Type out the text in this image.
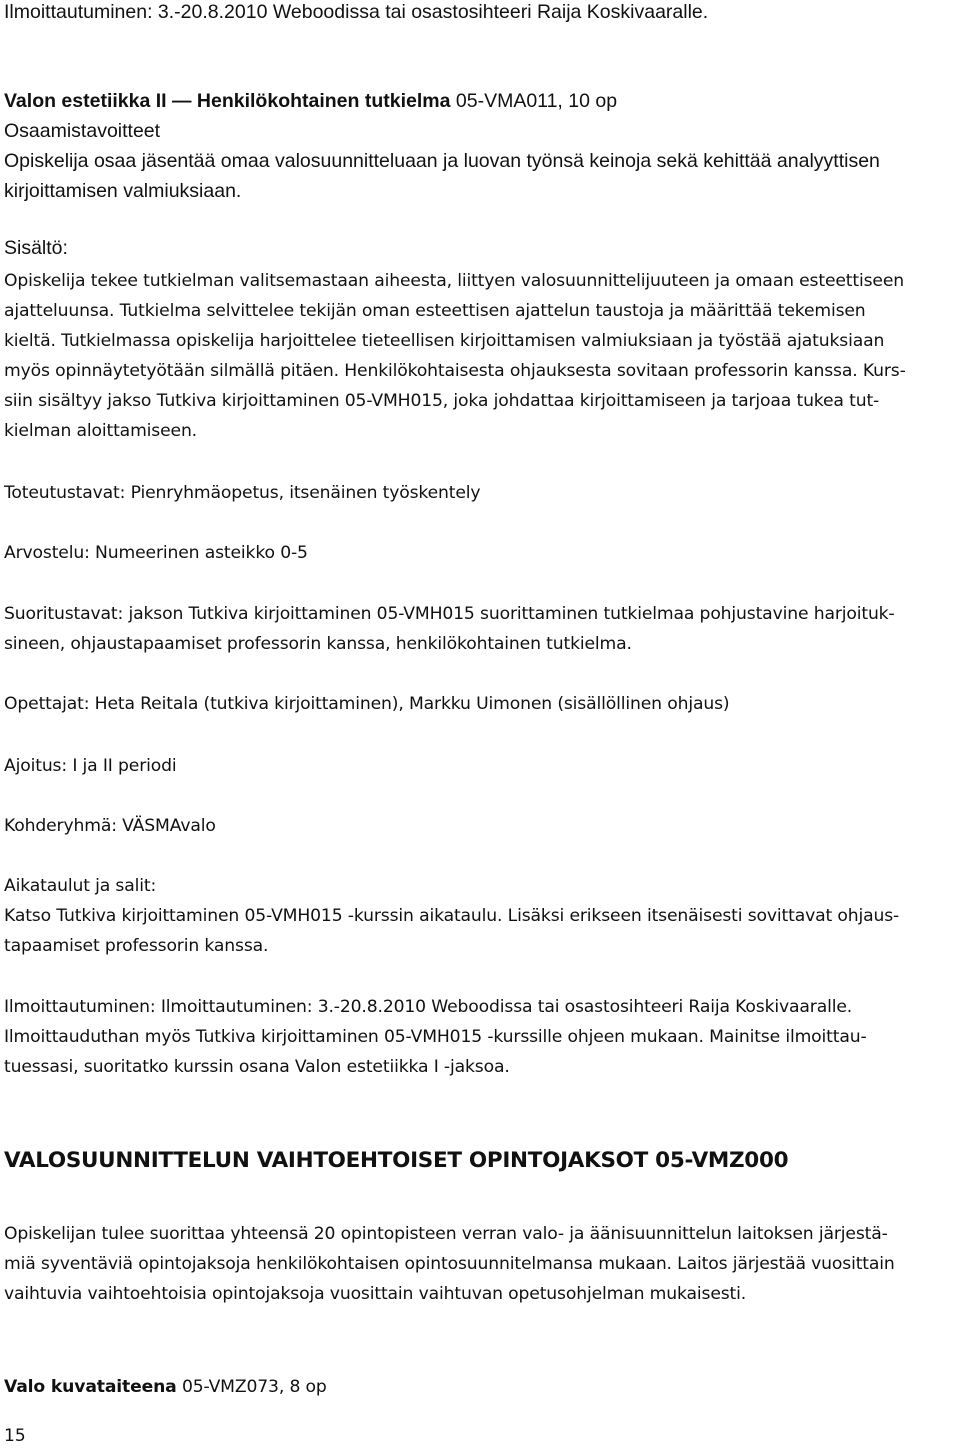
Ilmoittautuminen: 3.-20.8.2010 Weboodissa tai osastosihteeri Raija Koskivaaralle.
Valon estetiikka II — Henkilökohtainen tutkielma 05-VMA011, 10 op
Osaamistavoitteet
Opiskelija osaa jäsentää omaa valosuunnitteluaan ja luovan työnsä keinoja sekä kehittää analyyttisen
kirjoittamisen valmiuksiaan.
Sisältö:
Opiskelija tekee tutkielman valitsemastaan aiheesta, liittyen valosuunnittelijuuteen ja omaan esteettiseen
ajatteluunsa. Tutkielma selvittelee tekijän oman esteettisen ajattelun taustoja ja määrittää tekemisen
kieltä. Tutkielmassa opiskelija harjoittelee tieteellisen kirjoittamisen valmiuksiaan ja työstää ajatuksiaan
myös opinnäytetyötään silmällä pitäen. Henkilökohtaisesta ohjauksesta sovitaan professorin kanssa. Kurs-
siin sisältyy jakso Tutkiva kirjoittaminen 05-VMH015, joka johdattaa kirjoittamiseen ja tarjoaa tukea tut-
kielman aloittamiseen.
Toteutustavat: Pienryhmäopetus, itsenäinen työskentely
Arvostelu: Numeerinen asteikko 0-5
Suoritustavat: jakson Tutkiva kirjoittaminen 05-VMH015 suorittaminen tutkielmaa pohjustavine harjoituk-
sineen, ohjaustapaamiset professorin kanssa, henkilökohtainen tutkielma.
Opettajat: Heta Reitala (tutkiva kirjoittaminen), Markku Uimonen (sisällöllinen ohjaus)
Ajoitus: I ja II periodi
Kohderyhmä: VÄSMAvalo
Aikataulut ja salit:
Katso Tutkiva kirjoittaminen 05-VMH015 -kurssin aikataulu. Lisäksi erikseen itsenäisesti sovittavat ohjaus-
tapaamiset professorin kanssa.
Ilmoittautuminen: Ilmoittautuminen: 3.-20.8.2010 Weboodissa tai osastosihteeri Raija Koskivaaralle.
Ilmoittauduthan myös Tutkiva kirjoittaminen 05-VMH015 -kurssille ohjeen mukaan. Mainitse ilmoittau-
tuessasi, suoritatko kurssin osana Valon estetiikka I -jaksoa.
VALOSUUNNITTELUN VAIHTOEHTOISET OPINTOJAKSOT 05-VMZ000
Opiskelijan tulee suorittaa yhteensä 20 opintopisteen verran valo- ja äänisuunnittelun laitoksen järjestä-
miä syventäviä opintojaksoja henkilökohtaisen opintosuunnitelmansa mukaan. Laitos järjestää vuosittain
vaihtuvia vaihtoehtoisia opintojaksoja vuosittain vaihtuvan opetusohjelman mukaisesti.
Valo kuvataiteena 05-VMZ073, 8 op
15
